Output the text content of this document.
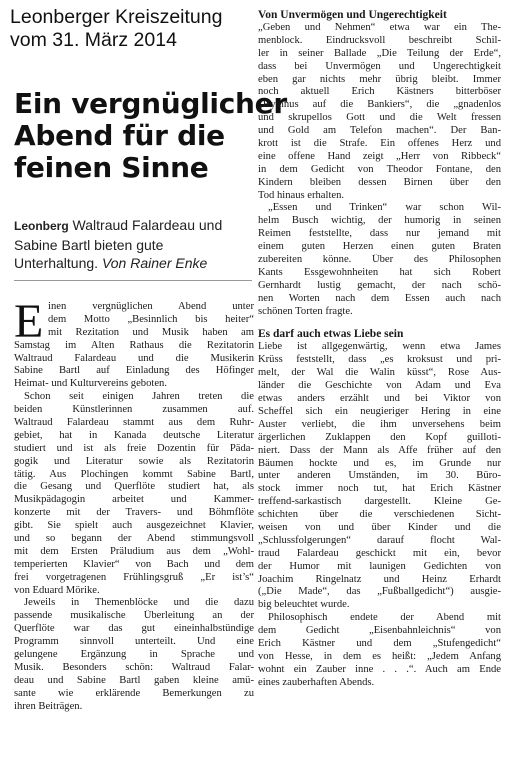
Leonberger Kreiszeitung
vom 31. März 2014
Ein vergnüglicher
Abend für die
feinen Sinne
Leonberg Waltraud Falardeau und
Sabine Bartl bieten gute
Unterhaltung. Von Rainer Enke
E inen vergnüglichen Abend unter
dem Motto „Besinnlich bis heiter“
mit Rezitation und Musik haben am
Samstag im Alten Rathaus die Rezitatorin
Waltraud Falardeau und die Musikerin
Sabine Bartl auf Einladung des Höfinger
Heimat- und Kulturvereins geboten.
Schon seit einigen Jahren treten die
beiden Künstlerinnen zusammen auf.
Waltraud Falardeau stammt aus dem Ruhr-
gebiet, hat in Kanada deutsche Literatur
studiert und ist als freie Dozentin für Päda-
gogik und Literatur sowie als Rezitatorin
tätig. Aus Plochingen kommt Sabine Bartl,
die Gesang und Querflöte studiert hat, als
Musikpädagogin arbeitet und Kammer-
konzerte mit der Travers- und Böhmflöte
gibt. Sie spielt auch ausgezeichnet Klavier,
und so begann der Abend stimmungsvoll
mit dem Ersten Präludium aus dem „Wohl-
temperierten Klavier“ von Bach und dem
frei vorgetragenen Frühlingsgruß „Er ist’s“
von Eduard Mörike.
Jeweils in Themenblöcke und die dazu
passende musikalische Überleitung an der
Querflöte war das gut eineinhalbstündige
Programm sinnvoll unterteilt. Und eine
gelungene Ergänzung in Sprache und
Musik. Besonders schön: Waltraud Falar-
deau und Sabine Bartl gaben kleine amü-
sante wie erklärende Bemerkungen zu
ihren Beiträgen.
Von Unvermögen und Ungerechtigkeit
„Geben und Nehmen“ etwa war ein The-
menblock. Eindrucksvoll beschreibt Schil-
ler in seiner Ballade „Die Teilung der Erde“,
dass bei Unvermögen und Ungerechtigkeit
eben gar nichts mehr übrig bleibt. Immer
noch aktuell Erich Kästners bitterböser
„Hymnus auf die Bankiers“, die „gnadenlos
und skrupellos Gott und die Welt fressen
und Gold am Telefon machen“. Der Ban-
krott ist die Strafe. Ein offenes Herz und
eine offene Hand zeigt „Herr von Ribbeck“
in dem Gedicht von Theodor Fontane, den
Kindern bleiben dessen Birnen über den
Tod hinaus erhalten.
„Essen und Trinken“ war schon Wil-
helm Busch wichtig, der humorig in seinen
Reimen feststellte, dass nur jemand mit
einem guten Herzen einen guten Braten
zubereiten könne. Über des Philosophen
Kants Essgewohnheiten hat sich Robert
Gernhardt lustig gemacht, der nach schö-
nen Worten nach dem Essen auch nach
schönen Torten fragte.
Es darf auch etwas Liebe sein
Liebe ist allgegenwärtig, wenn etwa James
Krüss feststellt, dass „es kroksust und pri-
melt, der Wal die Walin küsst“, Rose Aus-
länder die Geschichte von Adam und Eva
etwas anders erzählt und bei Viktor von
Scheffel sich ein neugieriger Hering in eine
Auster verliebt, die ihm unversehens beim
ärgerlichen Zuklappen den Kopf guilloti-
niert. Dass der Mann als Affe früher auf den
Bäumen hockte und es, im Grunde nur
unter anderen Umständen, im 30. Büro-
stock immer noch tut, hat Erich Kästner
treffend-sarkastisch dargestellt. Kleine Ge-
schichten über die verschiedenen Sicht-
weisen von und über Kinder und die
„Schlussfolgerungen“ darauf flocht Wal-
traud Falardeau geschickt mit ein, bevor
der Humor mit launigen Gedichten von
Joachim Ringelnatz und Heinz Erhardt
(„Die Made“, das „Fußballgedicht“) ausgie-
big beleuchtet wurde.
Philosophisch endete der Abend mit
dem Gedicht „Eisenbahnleichnis“ von
Erich Kästner und dem „Stufengedicht“
von Hesse, in dem es heißt: „Jedem Anfang
wohnt ein Zauber inne . . .“. Auch am Ende
eines zauberhaften Abends.
